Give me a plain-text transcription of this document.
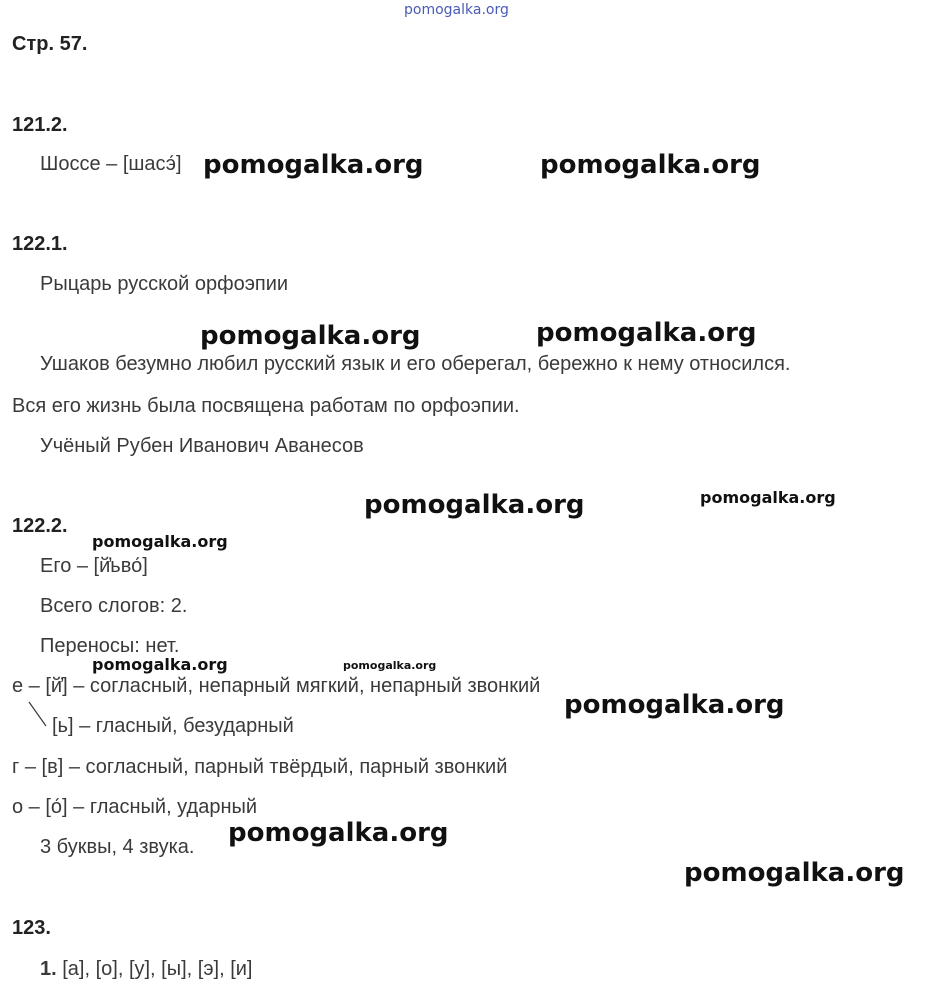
pomogalka.org
Стр. 57.
121.2.
Шоссе – [шасэ́]
122.1.
Рыцарь русской орфоэпии
Ушаков безумно любил русский язык и его оберегал, бережно к нему относился.
Вся его жизнь была посвящена работам по орфоэпии.
Учёный Рубен Иванович Аванесов
122.2.
Его – [й̓ьво́]
Всего слогов: 2.
Переносы: нет.
е – [й̓] – согласный, непарный мягкий, непарный звонкий
[ь] – гласный, безударный
г – [в] – согласный, парный твёрдый, парный звонкий
о – [о́] – гласный, ударный
3 буквы, 4 звука.
123.
1. [а], [о], [у], [ы], [э], [и]
pomogalka.org	pomogalka.org
pomogalka.org	pomogalka.org
pomogalka.org	pomogalka.org
pomogalka.org
pomogalka.org	pomogalka.org
pomogalka.org
pomogalka.org
pomogalka.org
